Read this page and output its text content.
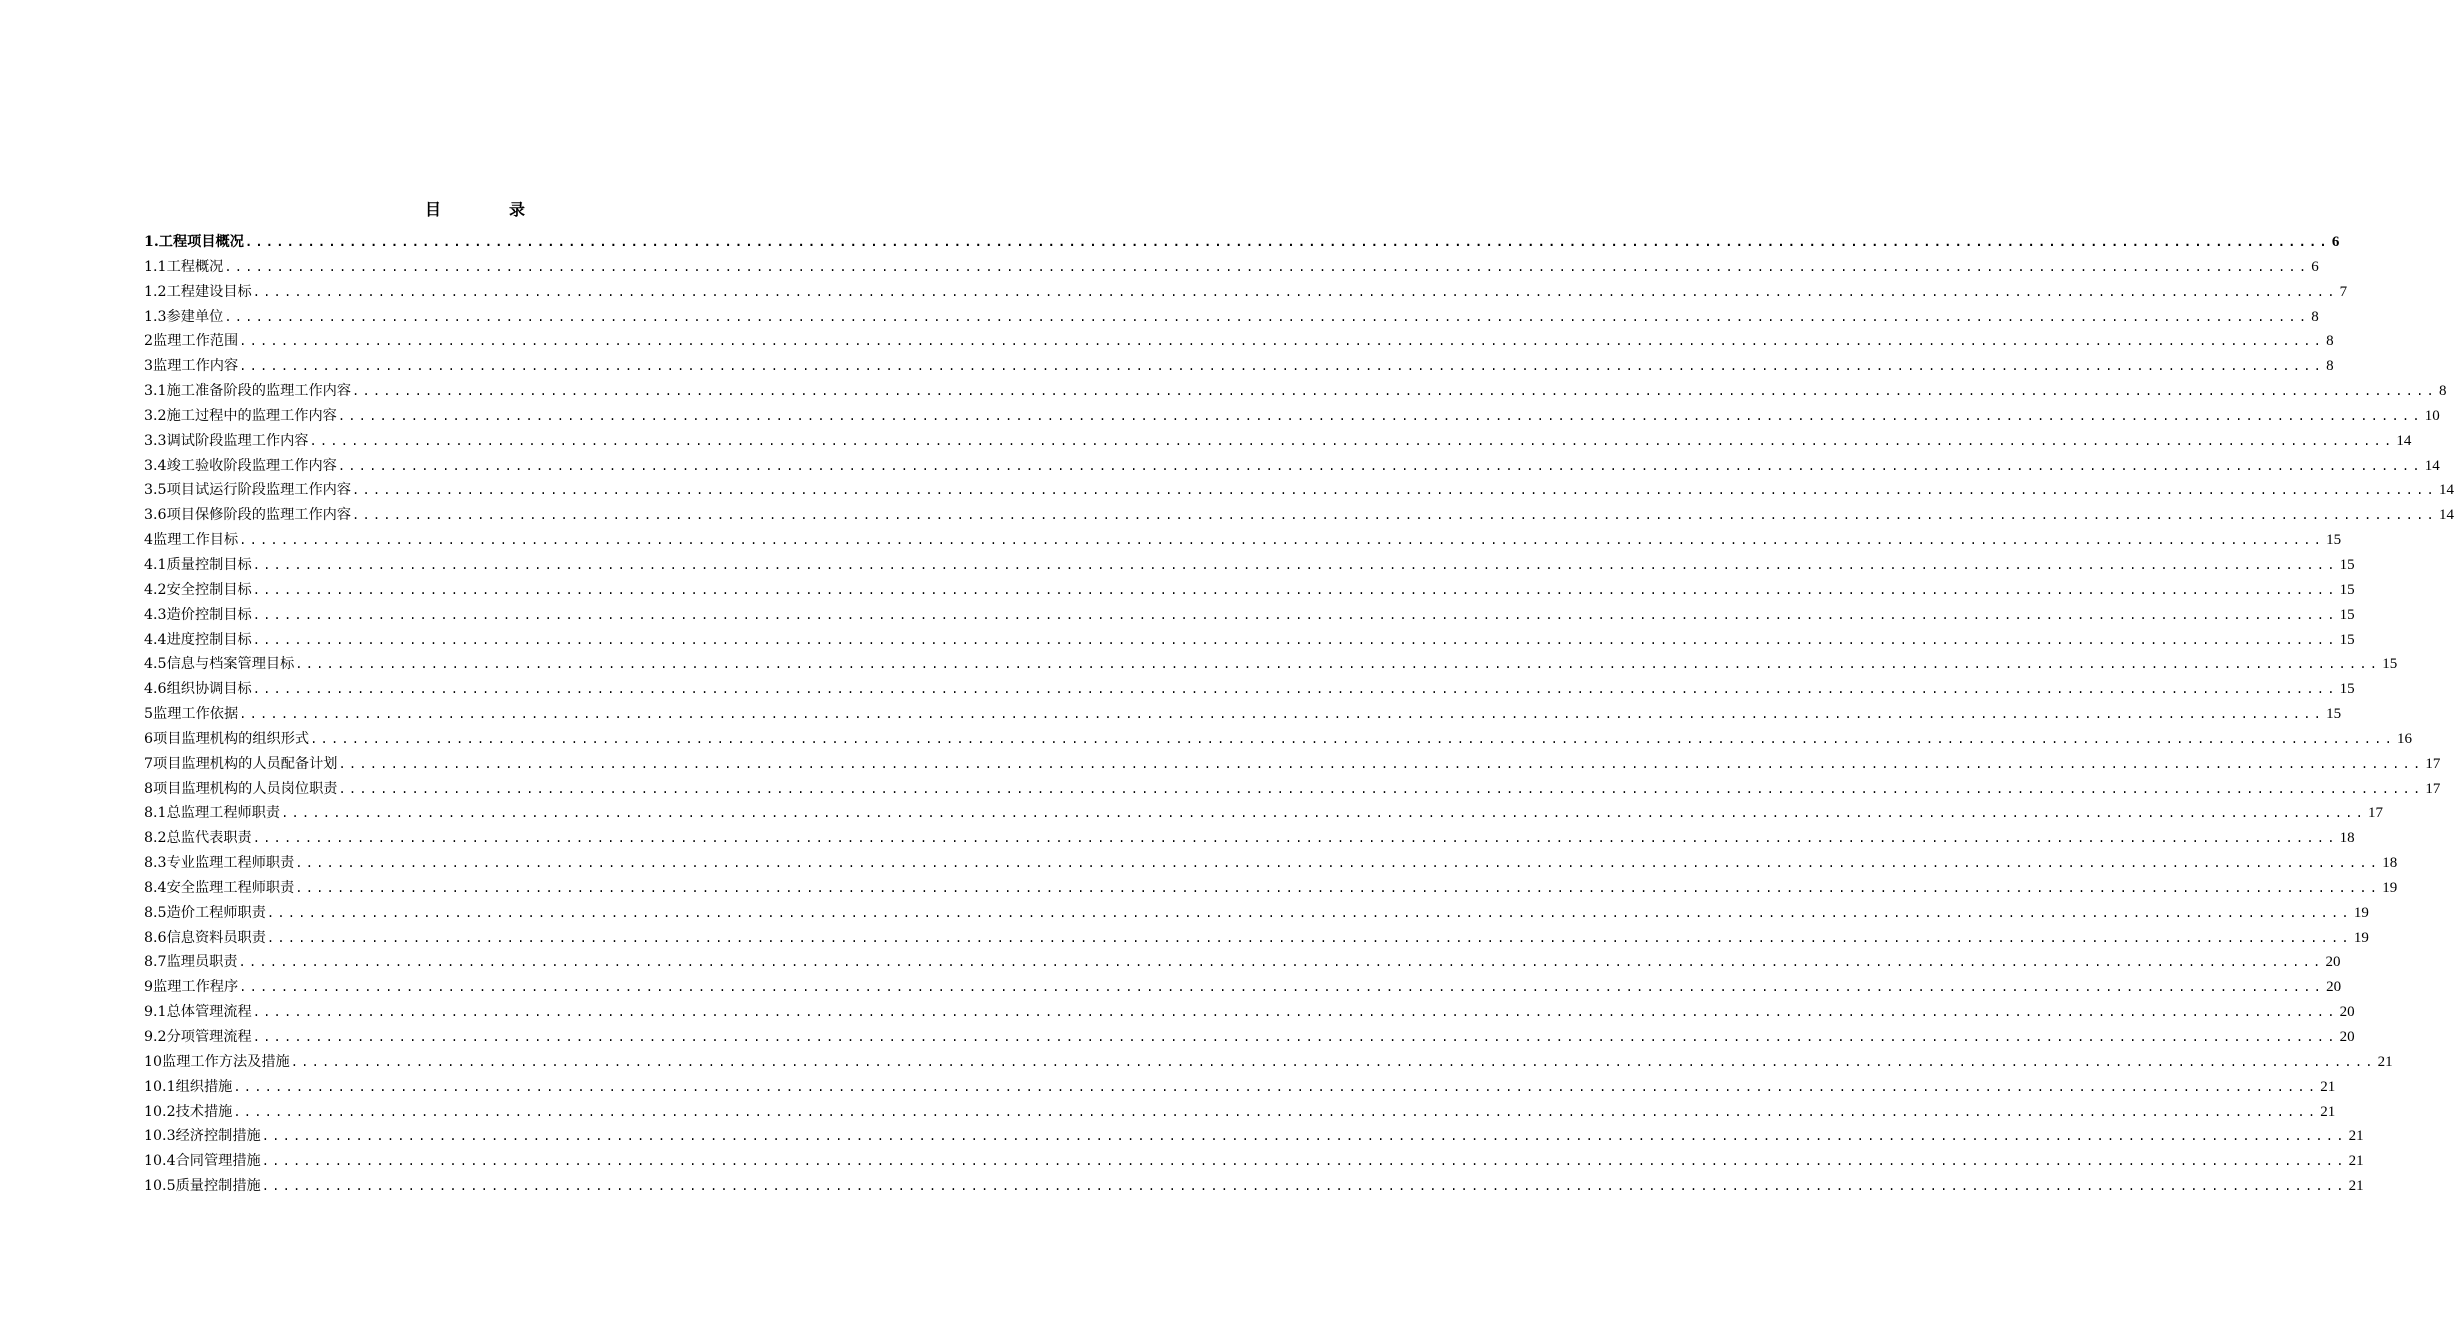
目　录
1.工程项目概况 ........................................................................................................................................................................................................ 6
1.1工程概况 ........................................................................................................................................................................................................ 6
1.2工程建设目标 ........................................................................................................................................................................................................ 7
1.3参建单位 ........................................................................................................................................................................................................ 8
2监理工作范围 ........................................................................................................................................................................................................ 8
3监理工作内容 ........................................................................................................................................................................................................ 8
3.1施工准备阶段的监理工作内容 ........................................................................................................................................................................................................ 8
3.2施工过程中的监理工作内容 ........................................................................................................................................................................................................ 10
3.3调试阶段监理工作内容 ........................................................................................................................................................................................................ 14
3.4竣工验收阶段监理工作内容 ........................................................................................................................................................................................................ 14
3.5项目试运行阶段监理工作内容 ........................................................................................................................................................................................................ 14
3.6项目保修阶段的监理工作内容 ........................................................................................................................................................................................................ 14
4监理工作目标 ........................................................................................................................................................................................................ 15
4.1质量控制目标 ........................................................................................................................................................................................................ 15
4.2安全控制目标 ........................................................................................................................................................................................................ 15
4.3造价控制目标 ........................................................................................................................................................................................................ 15
4.4进度控制目标 ........................................................................................................................................................................................................ 15
4.5信息与档案管理目标 ........................................................................................................................................................................................................ 15
4.6组织协调目标 ........................................................................................................................................................................................................ 15
5监理工作依据 ........................................................................................................................................................................................................ 15
6项目监理机构的组织形式 ........................................................................................................................................................................................................ 16
7项目监理机构的人员配备计划 ........................................................................................................................................................................................................ 17
8项目监理机构的人员岗位职责 ........................................................................................................................................................................................................ 17
8.1总监理工程师职责 ........................................................................................................................................................................................................ 17
8.2总监代表职责 ........................................................................................................................................................................................................ 18
8.3专业监理工程师职责 ........................................................................................................................................................................................................ 18
8.4安全监理工程师职责 ........................................................................................................................................................................................................ 19
8.5造价工程师职责 ........................................................................................................................................................................................................ 19
8.6信息资料员职责 ........................................................................................................................................................................................................ 19
8.7监理员职责 ........................................................................................................................................................................................................ 20
9监理工作程序 ........................................................................................................................................................................................................ 20
9.1总体管理流程 ........................................................................................................................................................................................................ 20
9.2分项管理流程 ........................................................................................................................................................................................................ 20
10监理工作方法及措施 ........................................................................................................................................................................................................ 21
10.1组织措施 ........................................................................................................................................................................................................ 21
10.2技术措施 ........................................................................................................................................................................................................ 21
10.3经济控制措施 ........................................................................................................................................................................................................ 21
10.4合同管理措施 ........................................................................................................................................................................................................ 21
10.5质量控制措施 ........................................................................................................................................................................................................ 21
